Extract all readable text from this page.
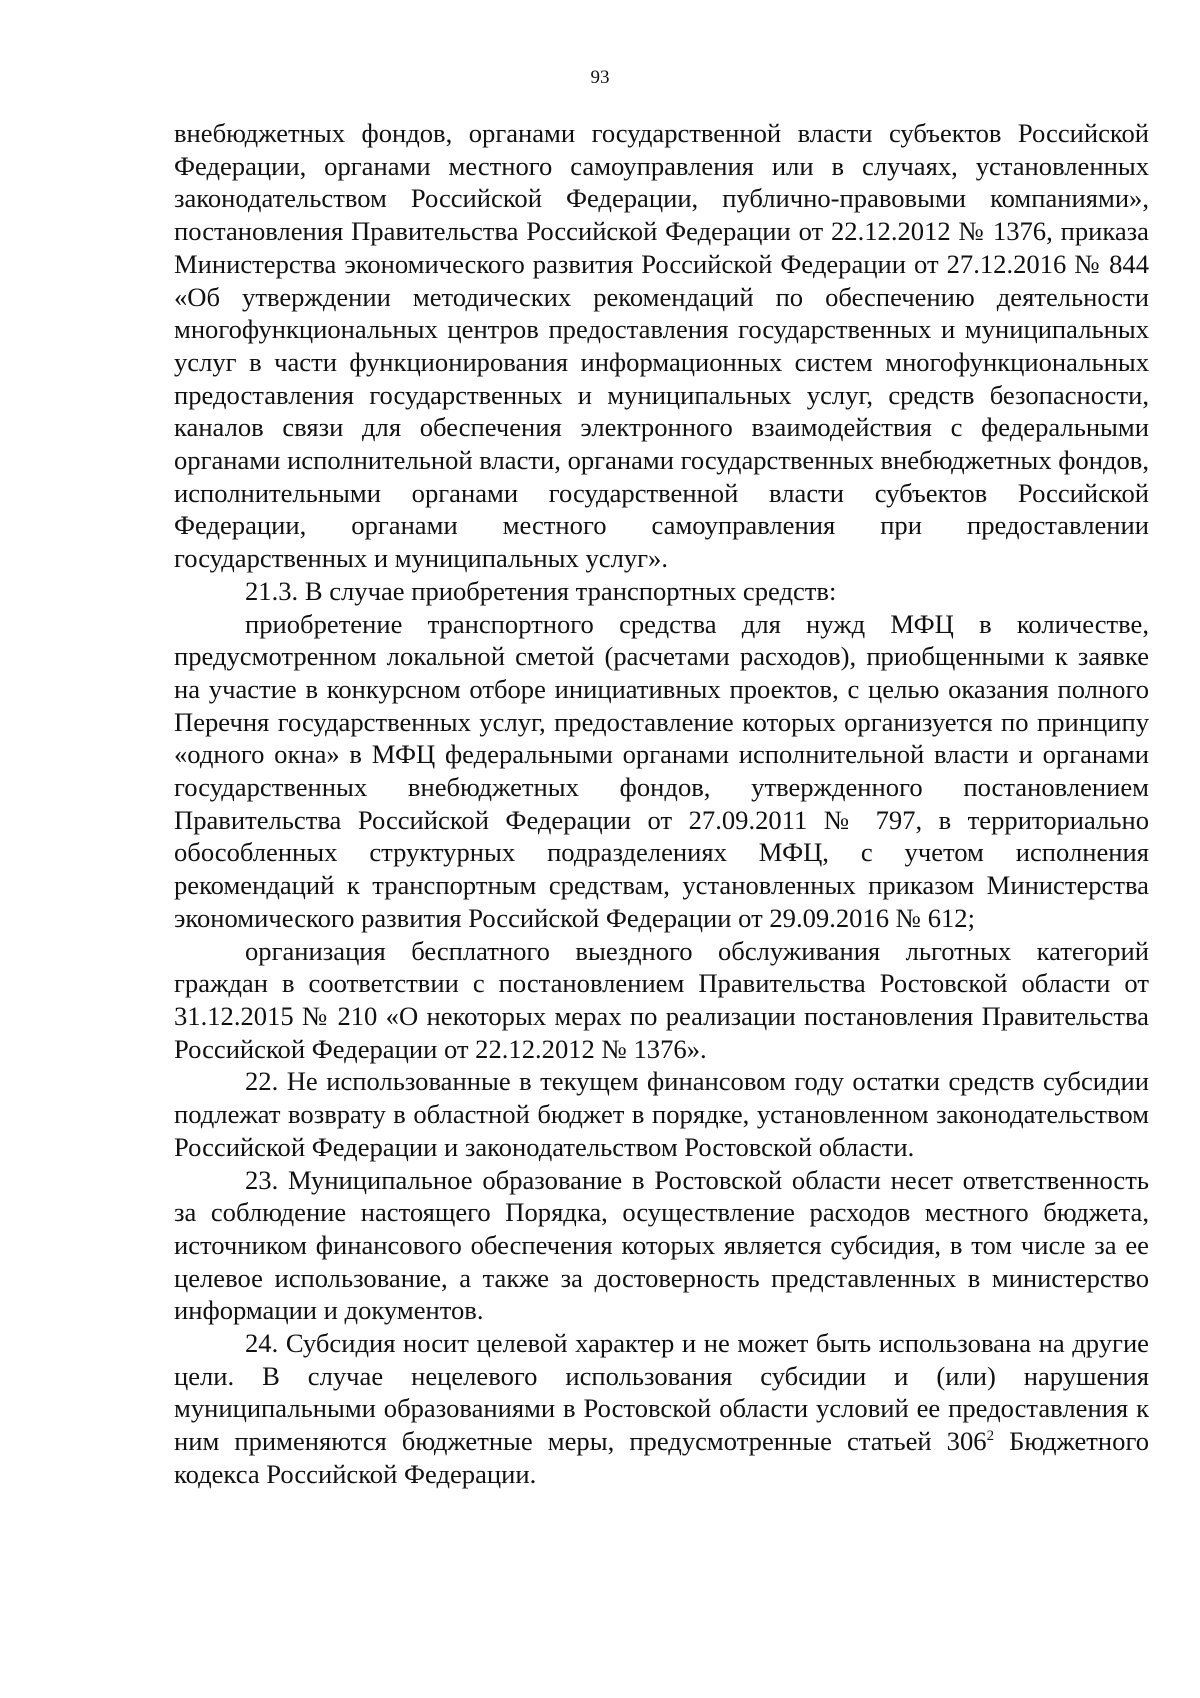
93

внебюджетных фондов, органами государственной власти субъектов Российской Федерации, органами местного самоуправления или в случаях, установленных законодательством Российской Федерации, публично-правовыми компаниями», постановления Правительства Российской Федерации от 22.12.2012 № 1376, приказа Министерства экономического развития Российской Федерации от 27.12.2016 № 844 «Об утверждении методических рекомендаций по обеспечению деятельности многофункциональных центров предоставления государственных и муниципальных услуг в части функционирования информационных систем многофункциональных предоставления государственных и муниципальных услуг, средств безопасности, каналов связи для обеспечения электронного взаимодействия с федеральными органами исполнительной власти, органами государственных внебюджетных фондов, исполнительными органами государственной власти субъектов Российской Федерации, органами местного самоуправления при предоставлении государственных и муниципальных услуг».

21.3. В случае приобретения транспортных средств:

приобретение транспортного средства для нужд МФЦ в количестве, предусмотренном локальной сметой (расчетами расходов), приобщенными к заявке на участие в конкурсном отборе инициативных проектов, с целью оказания полного Перечня государственных услуг, предоставление которых организуется по принципу «одного окна» в МФЦ федеральными органами исполнительной власти и органами государственных внебюджетных фондов, утвержденного постановлением Правительства Российской Федерации от 27.09.2011 № 797, в территориально обособленных структурных подразделениях МФЦ, с учетом исполнения рекомендаций к транспортным средствам, установленных приказом Министерства экономического развития Российской Федерации от 29.09.2016 № 612;

организация бесплатного выездного обслуживания льготных категорий граждан в соответствии с постановлением Правительства Ростовской области от 31.12.2015 № 210 «О некоторых мерах по реализации постановления Правительства Российской Федерации от 22.12.2012 № 1376».

22. Не использованные в текущем финансовом году остатки средств субсидии подлежат возврату в областной бюджет в порядке, установленном законодательством Российской Федерации и законодательством Ростовской области.

23. Муниципальное образование в Ростовской области несет ответственность за соблюдение настоящего Порядка, осуществление расходов местного бюджета, источником финансового обеспечения которых является субсидия, в том числе за ее целевое использование, а также за достоверность представленных в министерство информации и документов.

24. Субсидия носит целевой характер и не может быть использована на другие цели. В случае нецелевого использования субсидии и (или) нарушения муниципальными образованиями в Ростовской области условий ее предоставления к ним применяются бюджетные меры, предусмотренные статьей $306^2$ Бюджетного кодекса Российской Федерации.
